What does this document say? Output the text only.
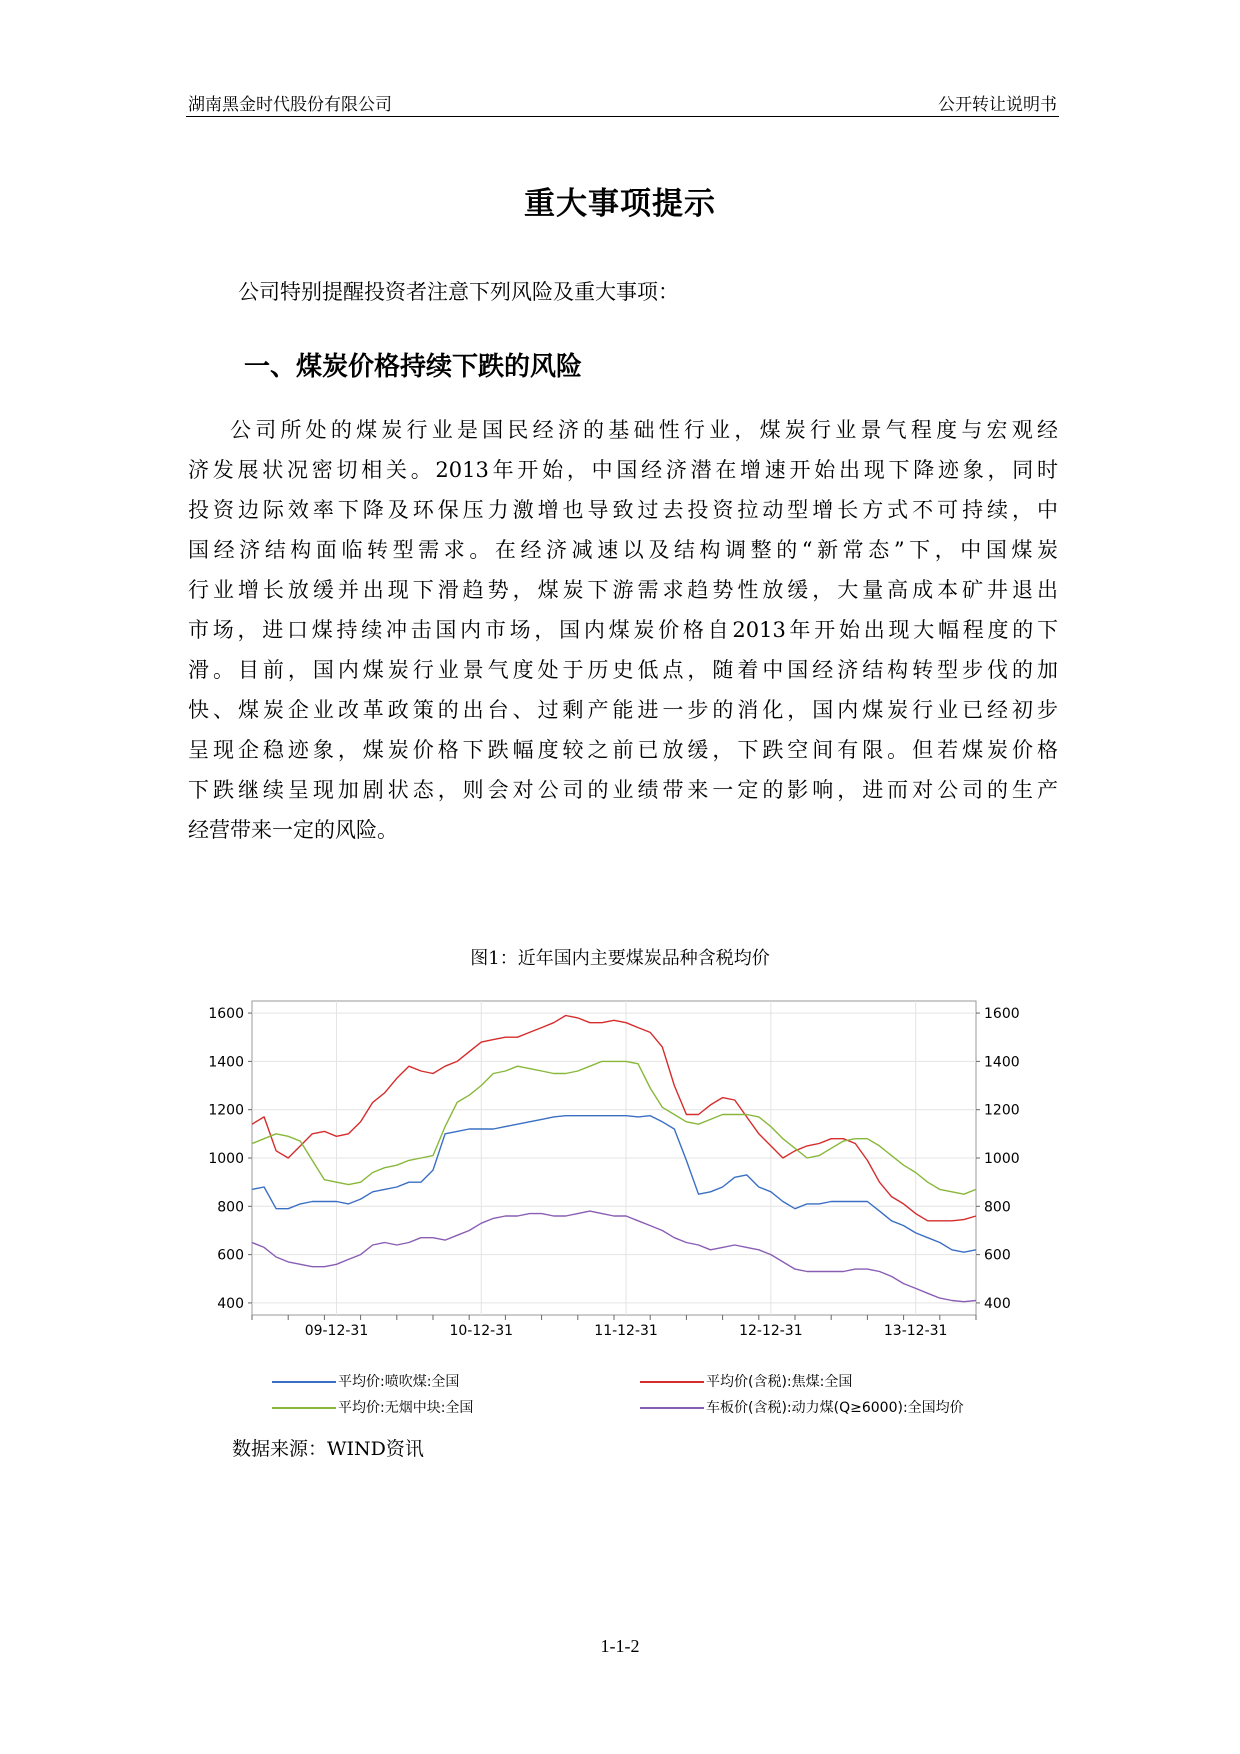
湖南黑金时代股份有限公司	公开转让说明书
重大事项提示
公司特别提醒投资者注意下列风险及重大事项：
一、煤炭价格持续下跌的风险
公司所处的煤炭行业是国民经济的基础性行业，煤炭行业景气程度与宏观经
济发展状况密切相关。2013年开始，中国经济潜在增速开始出现下降迹象，同时
投资边际效率下降及环保压力激增也导致过去投资拉动型增长方式不可持续，中
国经济结构面临转型需求。在经济减速以及结构调整的“新常态”下，中国煤炭
行业增长放缓并出现下滑趋势，煤炭下游需求趋势性放缓，大量高成本矿井退出
市场，进口煤持续冲击国内市场，国内煤炭价格自2013年开始出现大幅程度的下
滑。目前，国内煤炭行业景气度处于历史低点，随着中国经济结构转型步伐的加
快、煤炭企业改革政策的出台、过剩产能进一步的消化，国内煤炭行业已经初步
呈现企稳迹象，煤炭价格下跌幅度较之前已放缓，下跌空间有限。但若煤炭价格
下跌继续呈现加剧状态，则会对公司的业绩带来一定的影响，进而对公司的生产
经营带来一定的风险。
图1：近年国内主要煤炭品种含税均价
400	400
600	600
800	800
1000	1000
1200	1200
1400	1400
1600	1600
09-12-31	10-12-31	11-12-31	12-12-31	13-12-31
平均价:喷吹煤:全国	平均价(含税):焦煤:全国
平均价:无烟中块:全国	车板价(含税):动力煤(Q≥6000):全国均价
数据来源：WIND资讯
1-1-2
